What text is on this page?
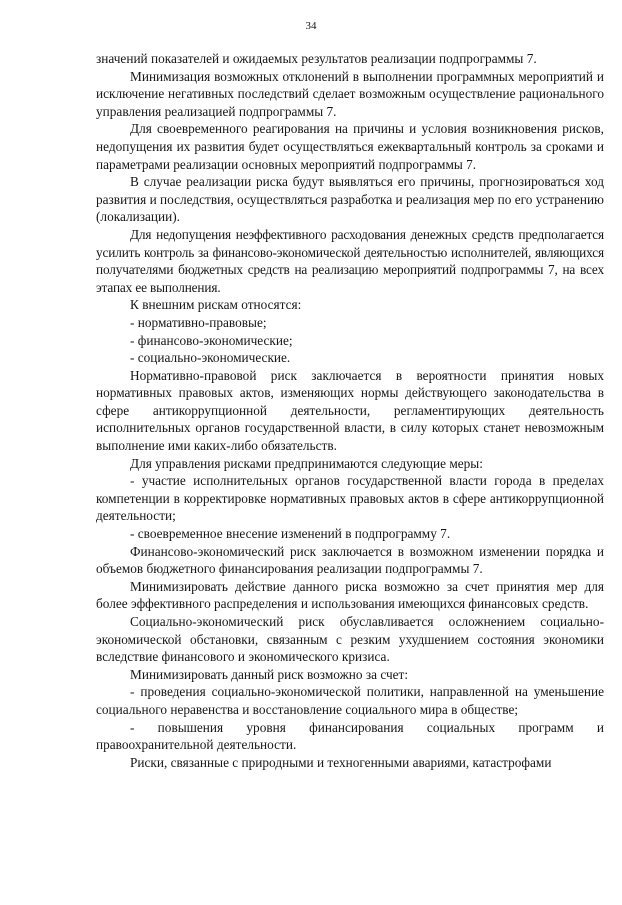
34

значений показателей и ожидаемых результатов реализации подпрограммы 7.

Минимизация возможных отклонений в выполнении программных мероприятий и исключение негативных последствий сделает возможным осуществление рационального управления реализацией подпрограммы 7.

Для своевременного реагирования на причины и условия возникновения рисков, недопущения их развития будет осуществляться ежеквартальный контроль за сроками и параметрами реализации основных мероприятий подпрограммы 7.

В случае реализации риска будут выявляться его причины, прогнозироваться ход развития и последствия, осуществляться разработка и реализация мер по его устранению (локализации).

Для недопущения неэффективного расходования денежных средств предполагается усилить контроль за финансово-экономической деятельностью исполнителей, являющихся получателями бюджетных средств на реализацию мероприятий подпрограммы 7, на всех этапах ее выполнения.

К внешним рискам относятся:

- нормативно-правовые;

- финансово-экономические;

- социально-экономические.

Нормативно-правовой риск заключается в вероятности принятия новых нормативных правовых актов, изменяющих нормы действующего законодательства в сфере антикоррупционной деятельности, регламентирующих деятельность исполнительных органов государственной власти, в силу которых станет невозможным выполнение ими каких-либо обязательств.

Для управления рисками предпринимаются следующие меры:

- участие исполнительных органов государственной власти города в пределах компетенции в корректировке нормативных правовых актов в сфере антикоррупционной деятельности;

- своевременное внесение изменений в подпрограмму 7.

Финансово-экономический риск заключается в возможном изменении порядка и объемов бюджетного финансирования реализации подпрограммы 7.

Минимизировать действие данного риска возможно за счет принятия мер для более эффективного распределения и использования имеющихся финансовых средств.

Социально-экономический риск обуславливается осложнением социально-экономической обстановки, связанным с резким ухудшением состояния экономики вследствие финансового и экономического кризиса.

Минимизировать данный риск возможно за счет:

- проведения социально-экономической политики, направленной на уменьшение социального неравенства и восстановление социального мира в обществе;

- повышения уровня финансирования социальных программ и правоохранительной деятельности.

Риски, связанные с природными и техногенными авариями, катастрофами
